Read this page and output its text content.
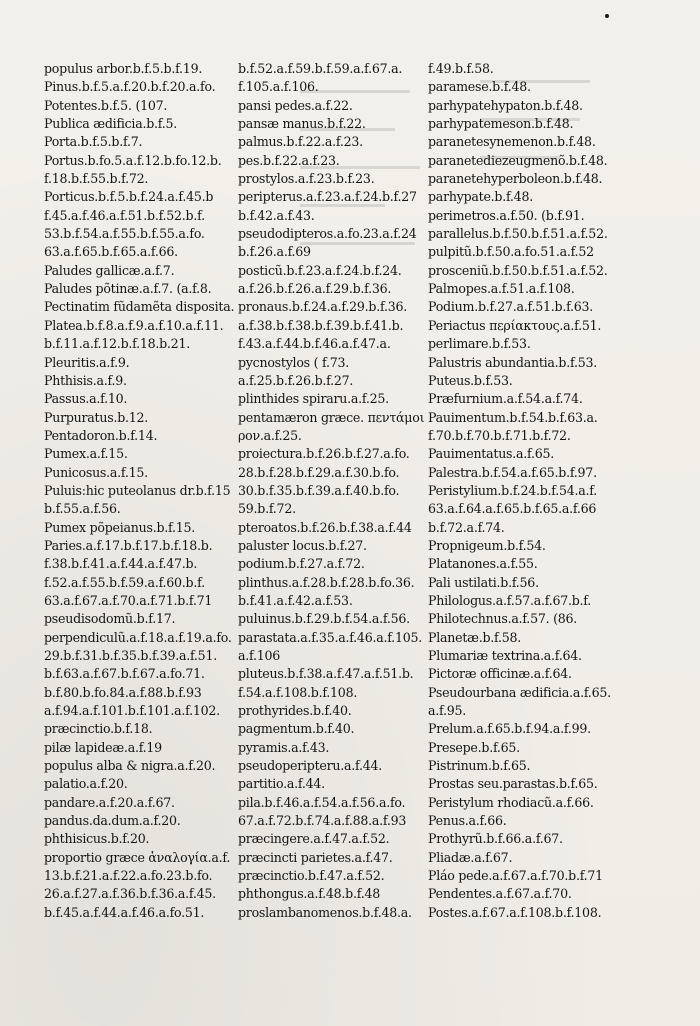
populus arbor.b.f.5.b.f.19.
Pinus.b.f.5.a.f.20.b.f.20.a.fo.
Potentes.b.f.5. (107.
Publica ædificia.b.f.5.
Porta.b.f.5.b.f.7.
Portus.b.fo.5.a.f.12.b.fo.12.b.
f.18.b.f.55.b.f.72.
Porticus.b.f.5.b.f.24.a.f.45.b
f.45.a.f.46.a.f.51.b.f.52.b.f.
53.b.f.54.a.f.55.b.f.55.a.fo.
63.a.f.65.b.f.65.a.f.66.
Paludes gallicæ.a.f.7.
Paludes põtinæ.a.f.7. (a.f.8.
Pectinatim fũdamẽta disposita.
Platea.b.f.8.a.f.9.a.f.10.a.f.11.
b.f.11.a.f.12.b.f.18.b.21.
Pleuritis.a.f.9.
Phthisis.a.f.9.
Passus.a.f.10.
Purpuratus.b.12.
Pentadoron.b.f.14.
Pumex.a.f.15.
Punicosus.a.f.15.
Puluis:hic puteolanus dr.b.f.15
b.f.55.a.f.56.
Pumex põpeianus.b.f.15.
Paries.a.f.17.b.f.17.b.f.18.b.
f.38.b.f.41.a.f.44.a.f.47.b.
f.52.a.f.55.b.f.59.a.f.60.b.f.
63.a.f.67.a.f.70.a.f.71.b.f.71
pseudisodomũ.b.f.17.
perpendiculũ.a.f.18.a.f.19.a.fo.
29.b.f.31.b.f.35.b.f.39.a.f.51.
b.f.63.a.f.67.b.f.67.a.fo.71.
b.f.80.b.fo.84.a.f.88.b.f.93
a.f.94.a.f.101.b.f.101.a.f.102.
præcinctio.b.f.18.
pilæ lapideæ.a.f.19
populus alba & nigra.a.f.20.
palatio.a.f.20.
pandare.a.f.20.a.f.67.
pandus.da.dum.a.f.20.
phthisicus.b.f.20.
proportio græce ἀναλογία.a.f.
13.b.f.21.a.f.22.a.fo.23.b.fo.
26.a.f.27.a.f.36.b.f.36.a.f.45.
b.f.45.a.f.44.a.f.46.a.fo.51.
b.f.52.a.f.59.b.f.59.a.f.67.a.
f.105.a.f.106.
pansi pedes.a.f.22.
pansæ manus.b.f.22.
palmus.b.f.22.a.f.23.
pes.b.f.22.a.f.23.
prostylos.a.f.23.b.f.23.
peripterus.a.f.23.a.f.24.b.f.27
b.f.42.a.f.43.
pseudodipteros.a.fo.23.a.f.24
b.f.26.a.f.69
posticũ.b.f.23.a.f.24.b.f.24.
a.f.26.b.f.26.a.f.29.b.f.36.
pronaus.b.f.24.a.f.29.b.f.36.
a.f.38.b.f.38.b.f.39.b.f.41.b.
f.43.a.f.44.b.f.46.a.f.47.a.
pycnostylos ( f.73.
a.f.25.b.f.26.b.f.27.
plinthides spiraru.a.f.25.
pentamæron græce. πεντάμοι
ρον.a.f.25.
proiectura.b.f.26.b.f.27.a.fo.
28.b.f.28.b.f.29.a.f.30.b.fo.
30.b.f.35.b.f.39.a.f.40.b.fo.
59.b.f.72.
pteroatos.b.f.26.b.f.38.a.f.44
paluster locus.b.f.27.
podium.b.f.27.a.f.72.
plinthus.a.f.28.b.f.28.b.fo.36.
b.f.41.a.f.42.a.f.53.
puluinus.b.f.29.b.f.54.a.f.56.
parastata.a.f.35.a.f.46.a.f.105.
a.f.106
pluteus.b.f.38.a.f.47.a.f.51.b.
f.54.a.f.108.b.f.108.
prothyrides.b.f.40.
pagmentum.b.f.40.
pyramis.a.f.43.
pseudoperipteru.a.f.44.
partitio.a.f.44.
pila.b.f.46.a.f.54.a.f.56.a.fo.
67.a.f.72.b.f.74.a.f.88.a.f.93
præcingere.a.f.47.a.f.52.
præcincti parietes.a.f.47.
præcinctio.b.f.47.a.f.52.
phthongus.a.f.48.b.f.48
proslambanomenos.b.f.48.a.
f.49.b.f.58.
paramese.b.f.48.
parhypatehypaton.b.f.48.
parhypatemeson.b.f.48.
paranetesynemenon.b.f.48.
paranetediezeugmenõ.b.f.48.
paranetehyperboleon.b.f.48.
parhypate.b.f.48.
perimetros.a.f.50. (b.f.91.
parallelus.b.f.50.b.f.51.a.f.52.
pulpitũ.b.f.50.a.fo.51.a.f.52
prosceniũ.b.f.50.b.f.51.a.f.52.
Palmopes.a.f.51.a.f.108.
Podium.b.f.27.a.f.51.b.f.63.
Periactus περίακτους.a.f.51.
perlimare.b.f.53.
Palustris abundantia.b.f.53.
Puteus.b.f.53.
Præfurnium.a.f.54.a.f.74.
Pauimentum.b.f.54.b.f.63.a.
f.70.b.f.70.b.f.71.b.f.72.
Pauimentatus.a.f.65.
Palestra.b.f.54.a.f.65.b.f.97.
Peristylium.b.f.24.b.f.54.a.f.
63.a.f.64.a.f.65.b.f.65.a.f.66
b.f.72.a.f.74.
Propnigeum.b.f.54.
Platanones.a.f.55.
Pali ustilati.b.f.56.
Philologus.a.f.57.a.f.67.b.f.
Philotechnus.a.f.57. (86.
Planetæ.b.f.58.
Plumariæ textrina.a.f.64.
Pictoræ officinæ.a.f.64.
Pseudourbana ædificia.a.f.65.
a.f.95.
Prelum.a.f.65.b.f.94.a.f.99.
Presepe.b.f.65.
Pistrinum.b.f.65.
Prostas seu.parastas.b.f.65.
Peristylum rhodiacũ.a.f.66.
Penus.a.f.66.
Prothyrũ.b.f.66.a.f.67.
Pliadæ.a.f.67.
Pláo pede.a.f.67.a.f.70.b.f.71
Pendentes.a.f.67.a.f.70.
Postes.a.f.67.a.f.108.b.f.108.
